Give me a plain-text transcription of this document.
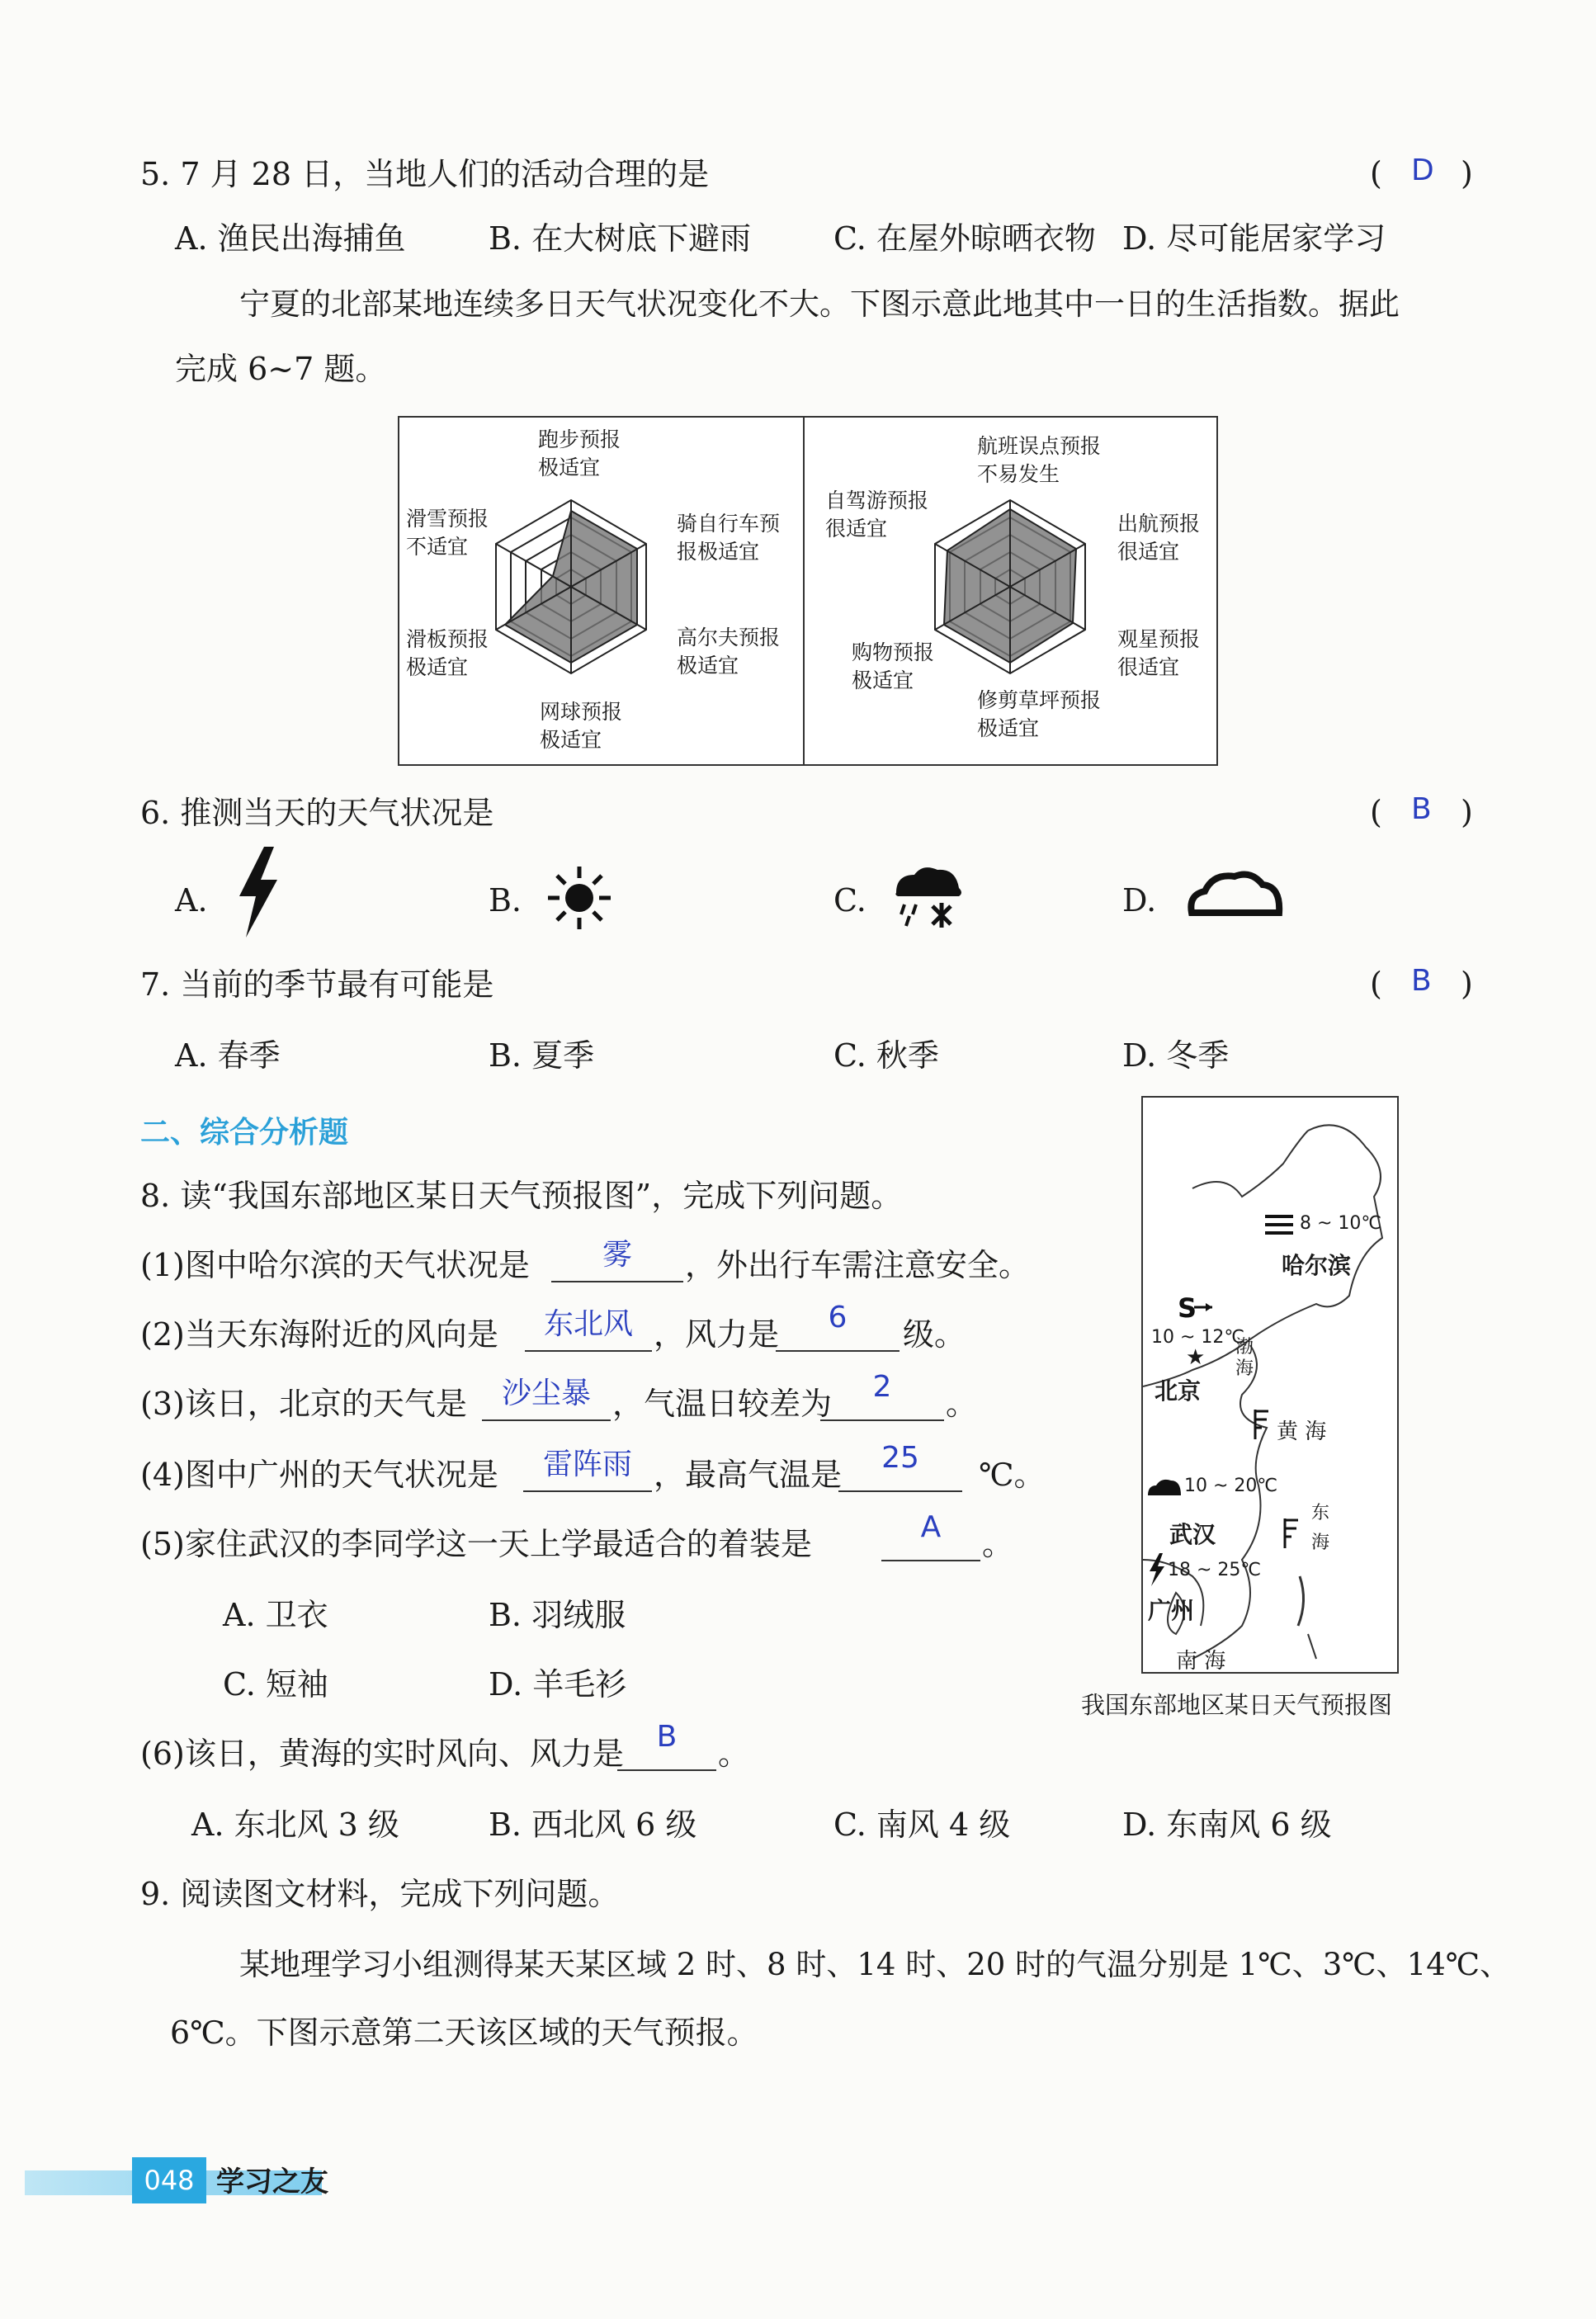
5. 7 月 28 日，当地人们的活动合理的是	( D )
A. 渔民出海捕鱼	B. 在大树底下避雨	C. 在屋外晾晒衣物 D. 尽可能居家学习
宁夏的北部某地连续多日天气状况变化不大。下图示意此地其中一日的生活指数。据此
完成 6~7 题。
跑步预报
极适宜
骑自行车预
报极适宜
高尔夫预报
极适宜
网球预报
极适宜
滑板预报
极适宜
滑雪预报
不适宜
航班误点预报
不易发生
出航预报
很适宜
观星预报
很适宜
修剪草坪预报
极适宜
购物预报
极适宜
自驾游预报
很适宜
6. 推测当天的天气状况是	( B )
A.	B.	C.	D.
7. 当前的季节最有可能是	( B )
A. 春季	B. 夏季	C. 秋季	D. 冬季
二、综合分析题
8. 读“我国东部地区某日天气预报图”，完成下列问题。
(1)图中哈尔滨的天气状况是	雾	，外出行车需注意安全。
(2)当天东海附近的风向是	东北风 ，风力是	6	级。
(3)该日，北京的天气是	沙尘暴 ，气温日较差为	2	。
(4)图中广州的天气状况是	雷阵雨 ，最高气温是	25	℃。
(5)家住武汉的李同学这一天上学最适合的着装是	A	。
A. 卫衣	B. 羽绒服
C. 短袖	D. 羊毛衫
(6)该日，黄海的实时风向、风力是	B	。
A. 东北风 3 级	B. 西北风 6 级	C. 南风 4 级	D. 东南风 6 级
8 ~ 10℃
哈尔滨
S
10 ~ 12℃
★
北京
渤海
黄 海
10 ~ 20℃
武汉
东海
18 ~ 25℃
广州
南 海
我国东部地区某日天气预报图
9. 阅读图文材料，完成下列问题。
某地理学习小组测得某天某区域 2 时、8 时、14 时、20 时的气温分别是 1℃、3℃、14℃、
6℃。下图示意第二天该区域的天气预报。
048 学习之友
